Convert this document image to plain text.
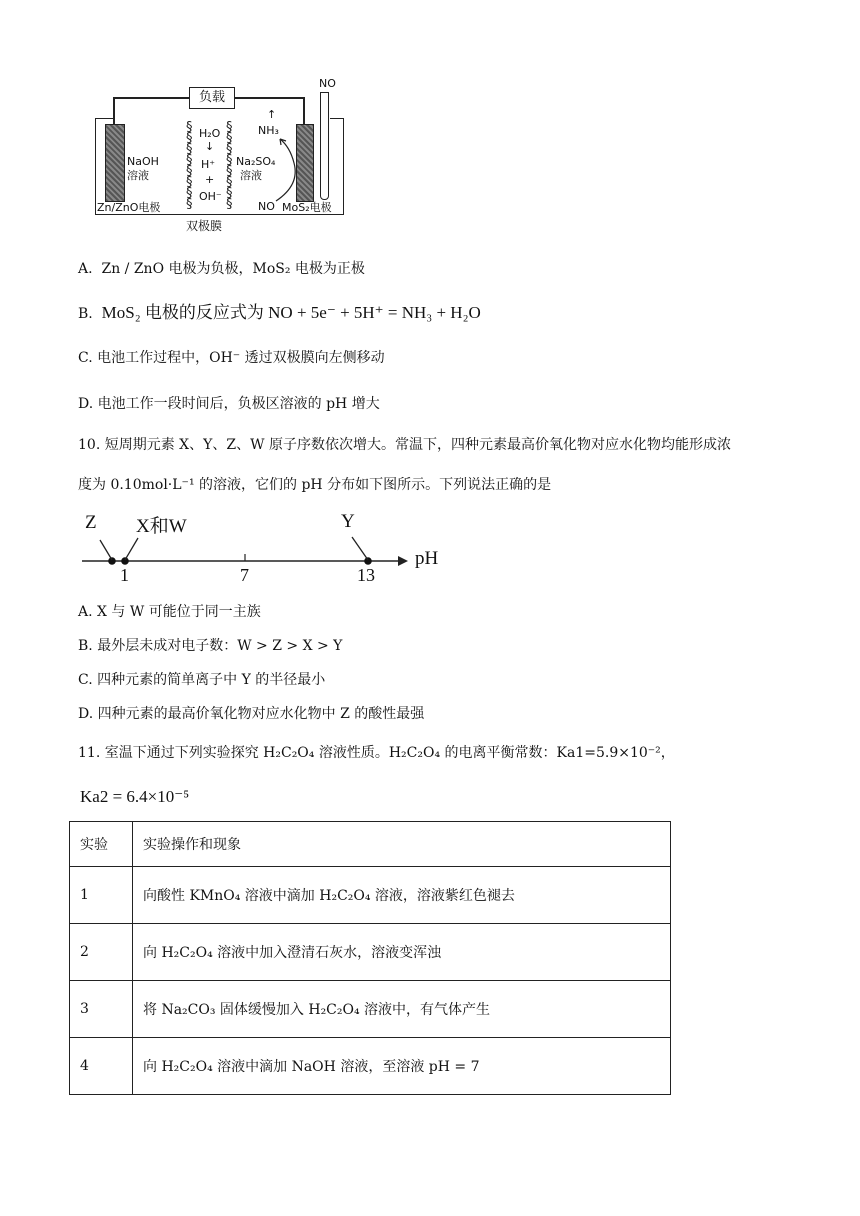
负载
NO
NaOH
溶液
Zn/ZnO电极
§
§
§
§
§
§
§
§
§
§
§
§
§
§
§
§
H₂O
↓
H⁺
+
OH⁻
Na₂SO₄
溶液
↑
NH₃
NO MoS₂电极
双极膜
A. Zn / ZnO 电极为负极，MoS₂ 电极为正极
B. MoS₂ 电极的反应式为 NO + 5e⁻ + 5H⁺ = NH₃ + H₂O
C. 电池工作过程中，OH⁻ 透过双极膜向左侧移动
D. 电池工作一段时间后，负极区溶液的 pH 增大
10. 短周期元素 X、Y、Z、W 原子序数依次增大。常温下，四种元素最高价氧化物对应水化物均能形成浓
度为 0.10mol·L⁻¹ 的溶液，它们的 pH 分布如下图所示。下列说法正确的是
Z X和W	Y
1	7	13
pH
A. X 与 W 可能位于同一主族
B. 最外层未成对电子数：W > Z > X > Y
C. 四种元素的简单离子中 Y 的半径最小
D. 四种元素的最高价氧化物对应水化物中 Z 的酸性最强
11. 室温下通过下列实验探究 H₂C₂O₄ 溶液性质。H₂C₂O₄ 的电离平衡常数：Ka1=5.9×10⁻²，
Ka2 = 6.4×10⁻⁵
实验	实验操作和现象
1	向酸性 KMnO₄ 溶液中滴加 H₂C₂O₄ 溶液，溶液紫红色褪去
2	向 H₂C₂O₄ 溶液中加入澄清石灰水，溶液变浑浊
3	将 Na₂CO₃ 固体缓慢加入 H₂C₂O₄ 溶液中，有气体产生
4	向 H₂C₂O₄ 溶液中滴加 NaOH 溶液，至溶液 pH = 7
